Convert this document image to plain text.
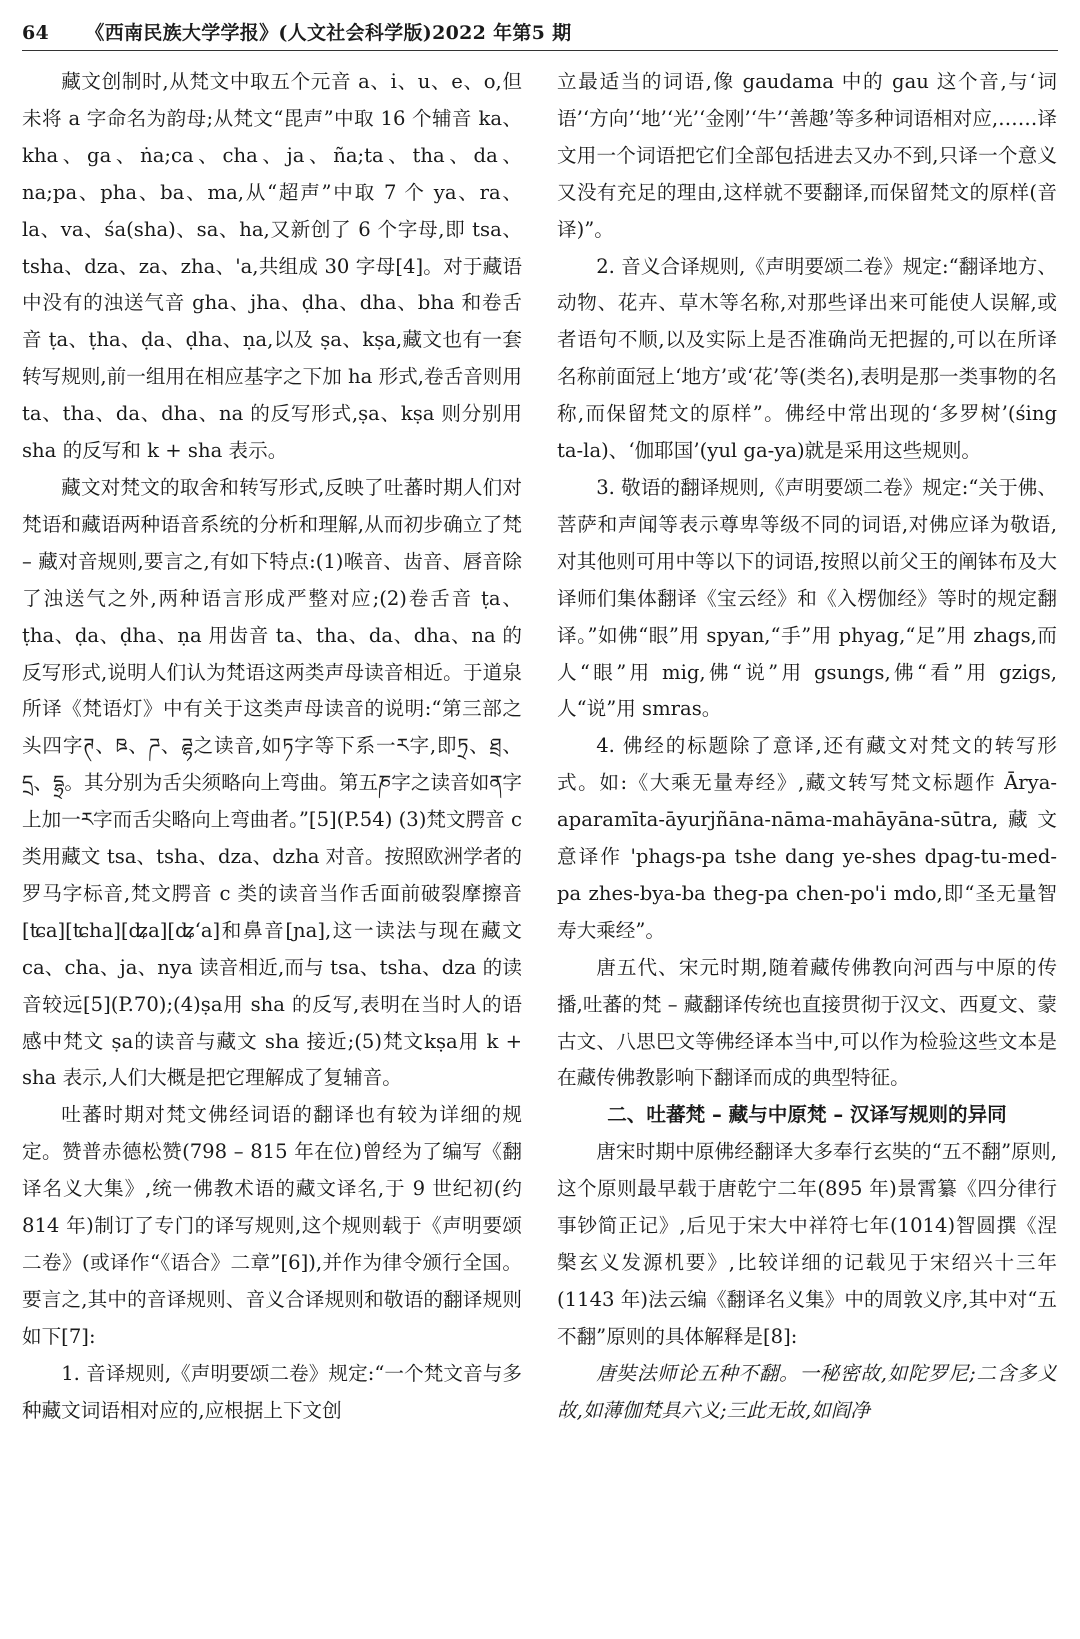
64 《西南民族大学学报》(人文社会科学版)2022 年第5 期

藏文创制时,从梵文中取五个元音 a、i、u、e、o,但未将 a 字命名为韵母;从梵文“毘声”中取 16 个辅音 ka、kha、ga、ṅa;ca、cha、ja、ña;ta、tha、da、na;pa、pha、ba、ma,从“超声”中取 7 个 ya、ra、la、va、śa(sha)、sa、ha,又新创了 6 个字母,即 tsa、tsha、dza、za、zha、'a,共组成 30 字母[4]。对于藏语中没有的浊送气音 gha、jha、ḍha、dha、bha 和卷舌音 ṭa、ṭha、ḍa、ḍha、ṇa,以及 ṣa、kṣa,藏文也有一套转写规则,前一组用在相应基字之下加 ha 形式,卷舌音则用 ta、tha、da、dha、na 的反写形式,ṣa、kṣa 则分别用 sha 的反写和 k + sha 表示。

藏文对梵文的取舍和转写形式,反映了吐蕃时期人们对梵语和藏语两种语音系统的分析和理解,从而初步确立了梵 – 藏对音规则,要言之,有如下特点:(1)喉音、齿音、唇音除了浊送气之外,两种语言形成严整对应;(2)卷舌音 ṭa、ṭha、ḍa、ḍha、ṇa 用齿音 ta、tha、da、dha、na 的反写形式,说明人们认为梵语这两类声母读音相近。于道泉所译《梵语灯》中有关于这类声母读音的说明:“第三部之头四字ཊ、ཋ、ཌ、ཌྷ之读音,如ཏ字等下系一ར字,即ཏྲ、ཐྲ、དྲ、དྷྲ。其分别为舌尖须略向上弯曲。第五ཎ字之读音如ན字上加一ར字而舌尖略向上弯曲者。”[5](P.54) (3)梵文腭音 c 类用藏文 tsa、tsha、dza、dzha 对音。按照欧洲学者的罗马字标音,梵文腭音 c 类的读音当作舌面前破裂摩擦音[ʨa][ʨha][ʥa][ʥʻa]和鼻音[ɲa],这一读法与现在藏文 ca、cha、ja、nya 读音相近,而与 tsa、tsha、dza 的读音较远[5](P.70);(4)ṣa用 sha 的反写,表明在当时人的语感中梵文 ṣa的读音与藏文 sha 接近;(5)梵文kṣa用 k + sha 表示,人们大概是把它理解成了复辅音。

吐蕃时期对梵文佛经词语的翻译也有较为详细的规定。赞普赤德松赞(798 – 815 年在位)曾经为了编写《翻译名义大集》,统一佛教术语的藏文译名,于 9 世纪初(约 814 年)制订了专门的译写规则,这个规则载于《声明要颂二卷》(或译作“《语合》二章”[6]),并作为律令颁行全国。要言之,其中的音译规则、音义合译规则和敬语的翻译规则如下[7]:

1. 音译规则,《声明要颂二卷》规定:“一个梵文音与多种藏文词语相对应的,应根据上下文创

立最适当的词语,像 gaudama 中的 gau 这个音,与‘词语’‘方向’‘地’‘光’‘金刚’‘牛’‘善趣’等多种词语相对应,……译文用一个词语把它们全部包括进去又办不到,只译一个意义又没有充足的理由,这样就不要翻译,而保留梵文的原样(音译)”。

2. 音义合译规则,《声明要颂二卷》规定:“翻译地方、动物、花卉、草木等名称,对那些译出来可能使人误解,或者语句不顺,以及实际上是否准确尚无把握的,可以在所译名称前面冠上‘地方’或‘花’等(类名),表明是那一类事物的名称,而保留梵文的原样”。佛经中常出现的‘多罗树’(śing ta-la)、‘伽耶国’(yul ga-ya)就是采用这些规则。

3. 敬语的翻译规则,《声明要颂二卷》规定:“关于佛、菩萨和声闻等表示尊卑等级不同的词语,对佛应译为敬语,对其他则可用中等以下的词语,按照以前父王的阐钵布及大译师们集体翻译《宝云经》和《入楞伽经》等时的规定翻译。”如佛“眼”用 spyan,“手”用 phyag,“足”用 zhags,而人“眼”用 mig,佛“说”用 gsungs,佛“看”用 gzigs,人“说”用 smras。

4. 佛经的标题除了意译,还有藏文对梵文的转写形式。如:《大乘无量寿经》,藏文转写梵文标题作 Ārya-aparamīta-āyurjñāna-nāma-mahāyāna-sūtra,藏文意译作 'phags-pa tshe dang ye-shes dpag-tu-med-pa zhes-bya-ba theg-pa chen-po'i mdo,即“圣无量智寿大乘经”。

唐五代、宋元时期,随着藏传佛教向河西与中原的传播,吐蕃的梵 – 藏翻译传统也直接贯彻于汉文、西夏文、蒙古文、八思巴文等佛经译本当中,可以作为检验这些文本是在藏传佛教影响下翻译而成的典型特征。

二、吐蕃梵 – 藏与中原梵 – 汉译写规则的异同

唐宋时期中原佛经翻译大多奉行玄奘的“五不翻”原则,这个原则最早载于唐乾宁二年(895 年)景霄纂《四分律行事钞简正记》,后见于宋大中祥符七年(1014)智圆撰《涅槃玄义发源机要》,比较详细的记载见于宋绍兴十三年(1143 年)法云编《翻译名义集》中的周敦义序,其中对“五不翻”原则的具体解释是[8]:

唐奘法师论五种不翻。一秘密故,如陀罗尼;二含多义故,如薄伽梵具六义;三此无故,如阎净
